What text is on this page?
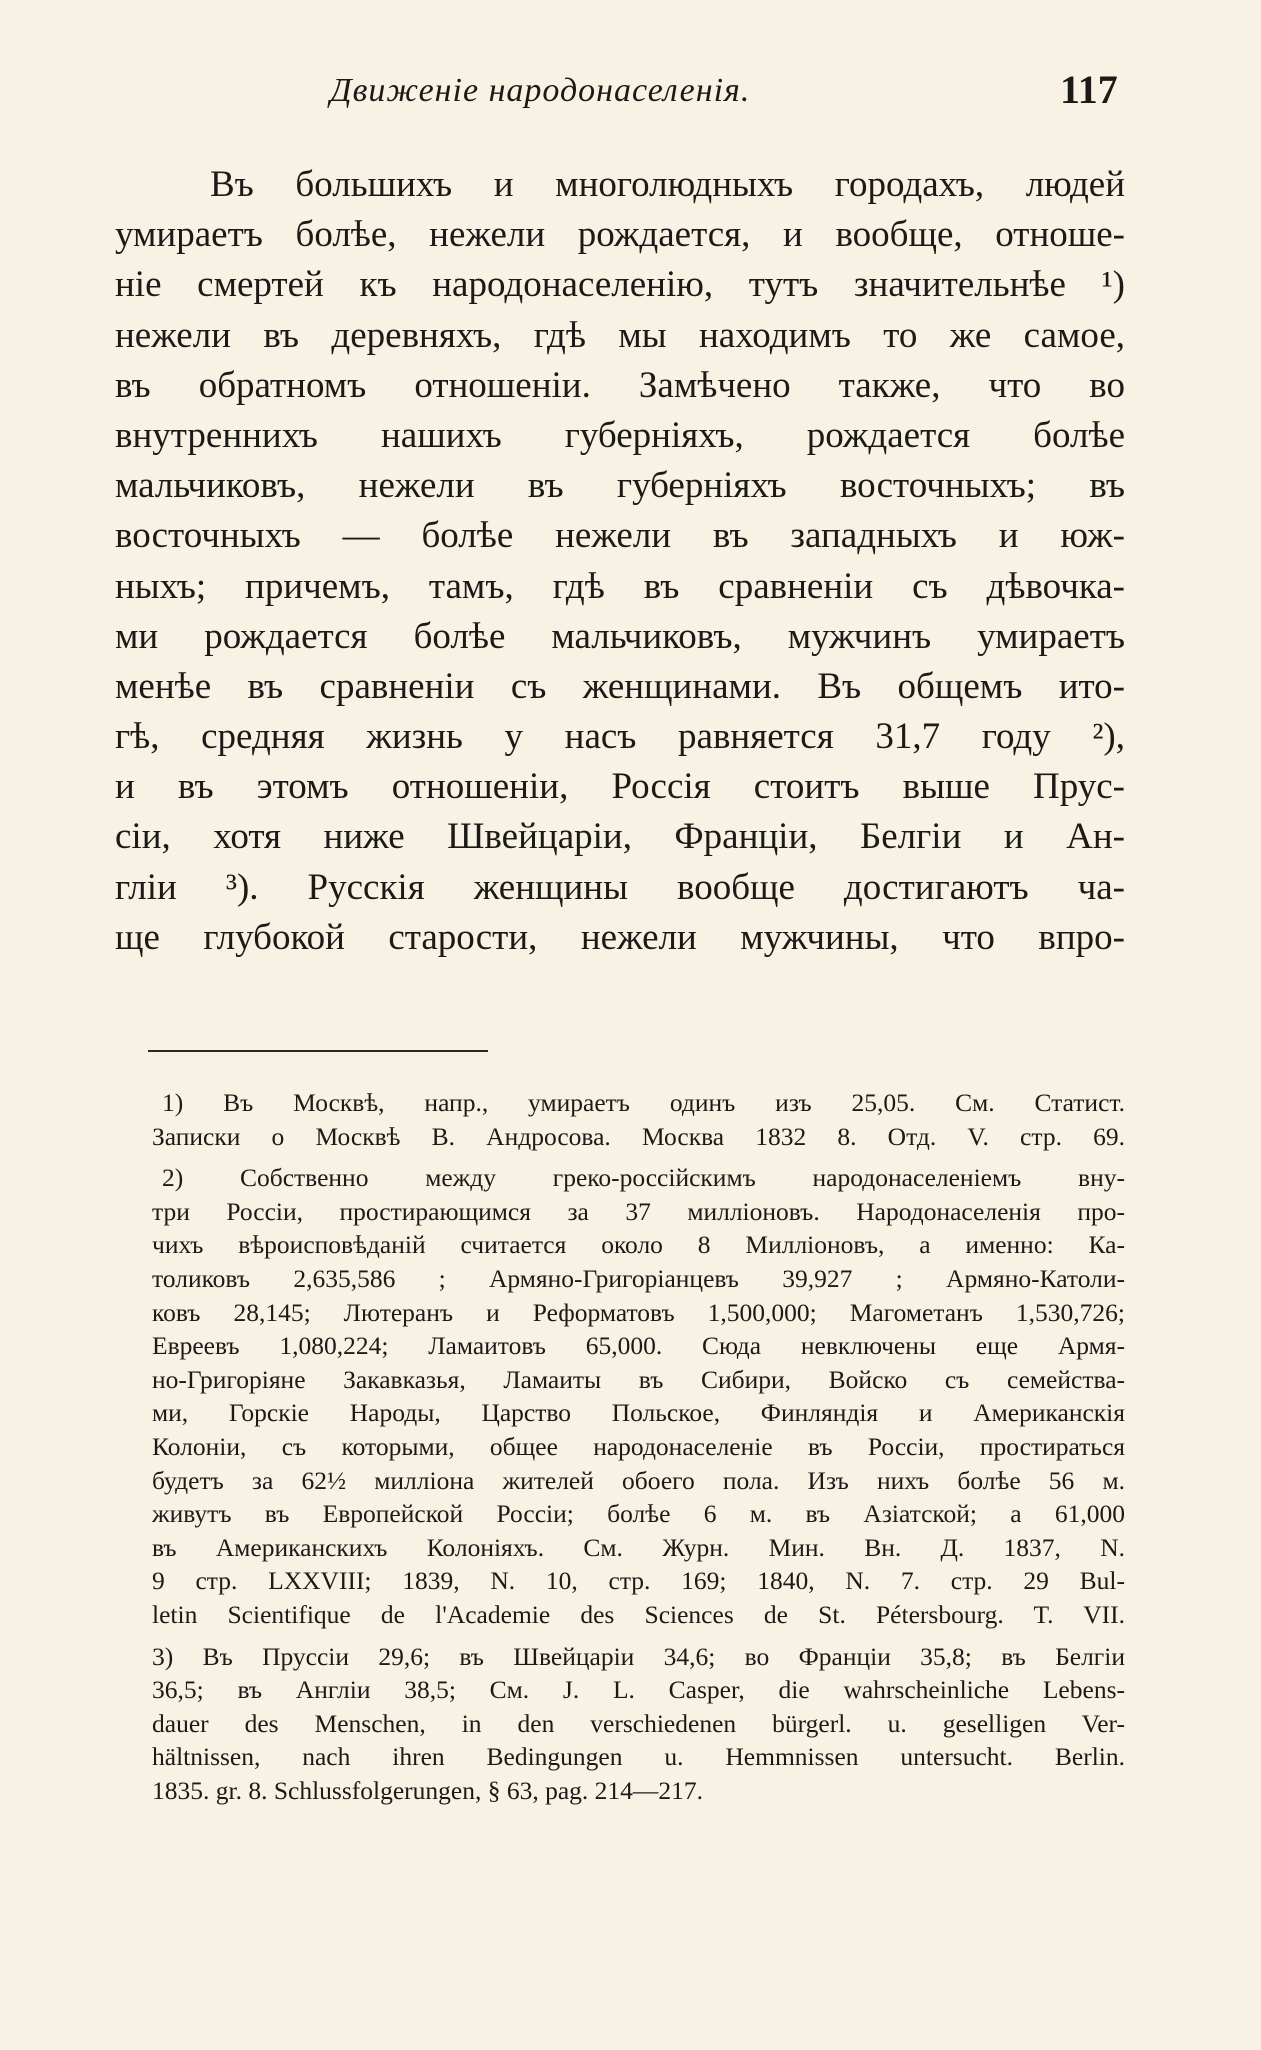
Движеніе народонаселенія.	117
Въ большихъ и многолюдныхъ городахъ, людей
умираетъ болѣе, нежели рождается, и вообще, отноше-
ніе смертей къ народонаселенію, тутъ значительнѣе ¹)
нежели въ деревняхъ, гдѣ мы находимъ то же самое,
въ обратномъ отношеніи. Замѣчено также, что во
внутреннихъ нашихъ губерніяхъ, рождается болѣе
мальчиковъ, нежели въ губерніяхъ восточныхъ; въ
восточныхъ — болѣе нежели въ западныхъ и юж-
ныхъ; причемъ, тамъ, гдѣ въ сравненіи съ дѣвочка-
ми рождается болѣе мальчиковъ, мужчинъ умираетъ
менѣе въ сравненіи съ женщинами. Въ общемъ ито-
гѣ, средняя жизнь у насъ равняется 31,7 году ²),
и въ этомъ отношеніи, Россія стоитъ выше Прус-
сіи, хотя ниже Швейцаріи, Франціи, Белгіи и Ан-
гліи ³). Русскія женщины вообще достигаютъ ча-
ще глубокой старости, нежели мужчины, что впро-
1) Въ Москвѣ, напр., умираетъ одинъ изъ 25,05. См. Статист.
Записки о Москвѣ В. Андросова. Москва 1832 8. Отд. V. стр. 69.
2) Собственно между греко-россійскимъ народонаселеніемъ вну-
три Россіи, простирающимся за 37 милліоновъ. Народонаселенія про-
чихъ вѣроисповѣданій считается около 8 Милліоновъ, а именно: Ка-
толиковъ 2,635,586 ; Армяно-Григоріанцевъ 39,927 ; Армяно-Католи-
ковъ 28,145; Лютеранъ и Реформатовъ 1,500,000; Магометанъ 1,530,726;
Евреевъ 1,080,224; Ламаитовъ 65,000. Сюда невключены еще Армя-
но-Григоріяне Закавказья, Ламаиты въ Сибири, Войско съ семейства-
ми, Горскіе Народы, Царство Польское, Финляндія и Американскія
Колоніи, съ которыми, общее народонаселеніе въ Россіи, простираться
будетъ за 62½ милліона жителей обоего пола. Изъ нихъ болѣе 56 м.
живутъ въ Европейской Россіи; болѣе 6 м. въ Азіатской; а 61,000
въ Американскихъ Колоніяхъ. См. Журн. Мин. Вн. Д. 1837, N.
9 стр. LXXVIII; 1839, N. 10, стр. 169; 1840, N. 7. стр. 29 Bul-
letin Scientifique de l'Academie des Sciences de St. Pétersbourg. T. VII.
3) Въ Пруссіи 29,6; въ Швейцаріи 34,6; во Франціи 35,8; въ Белгіи
36,5; въ Англіи 38,5; См. J. L. Casper, die wahrscheinliche Lebens-
dauer des Menschen, in den verschiedenen bürgerl. u. geselligen Ver-
hältnissen, nach ihren Bedingungen u. Hemmnissen untersucht. Berlin.
1835. gr. 8. Schlussfolgerungen, § 63, pag. 214—217.
